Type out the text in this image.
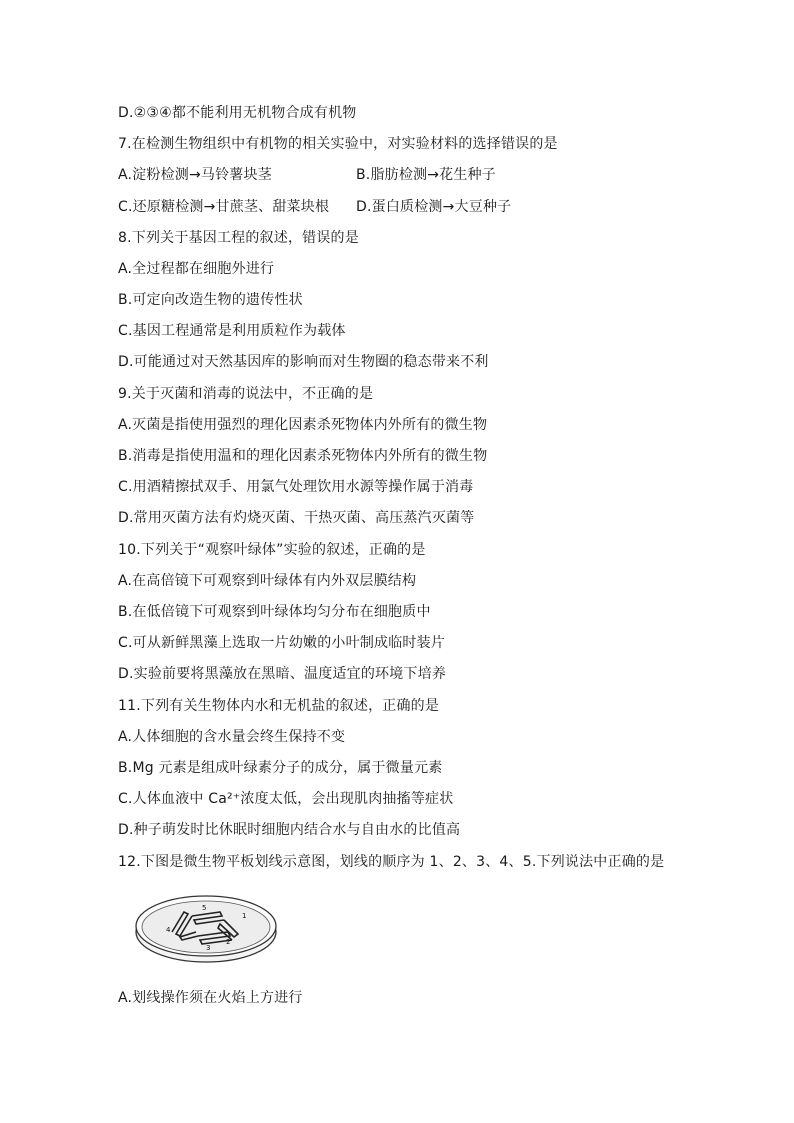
D.②③④都不能利用无机物合成有机物
7.在检测生物组织中有机物的相关实验中，对实验材料的选择错误的是
A.淀粉检测→马铃薯块茎	B.脂肪检测→花生种子
C.还原糖检测→甘蔗茎、甜菜块根 D.蛋白质检测→大豆种子
8.下列关于基因工程的叙述，错误的是
A.全过程都在细胞外进行
B.可定向改造生物的遗传性状
C.基因工程通常是利用质粒作为载体
D.可能通过对天然基因库的影响而对生物圈的稳态带来不利
9.关于灭菌和消毒的说法中，不正确的是
A.灭菌是指使用强烈的理化因素杀死物体内外所有的微生物
B.消毒是指使用温和的理化因素杀死物体内外所有的微生物
C.用酒精擦拭双手、用氯气处理饮用水源等操作属于消毒
D.常用灭菌方法有灼烧灭菌、干热灭菌、高压蒸汽灭菌等
10.下列关于“观察叶绿体”实验的叙述，正确的是
A.在高倍镜下可观察到叶绿体有内外双层膜结构
B.在低倍镜下可观察到叶绿体均匀分布在细胞质中
C.可从新鲜黑藻上选取一片幼嫩的小叶制成临时装片
D.实验前要将黑藻放在黑暗、温度适宜的环境下培养
11.下列有关生物体内水和无机盐的叙述，正确的是
A.人体细胞的含水量会终生保持不变
B.Mg 元素是组成叶绿素分子的成分，属于微量元素
C.人体血液中 Ca²⁺浓度太低，会出现肌肉抽搐等症状
D.种子萌发时比休眠时细胞内结合水与自由水的比值高
12.下图是微生物平板划线示意图，划线的顺序为 1、2、3、4、5.下列说法中正确的是
1
2
3
4
5
A.划线操作须在火焰上方进行
